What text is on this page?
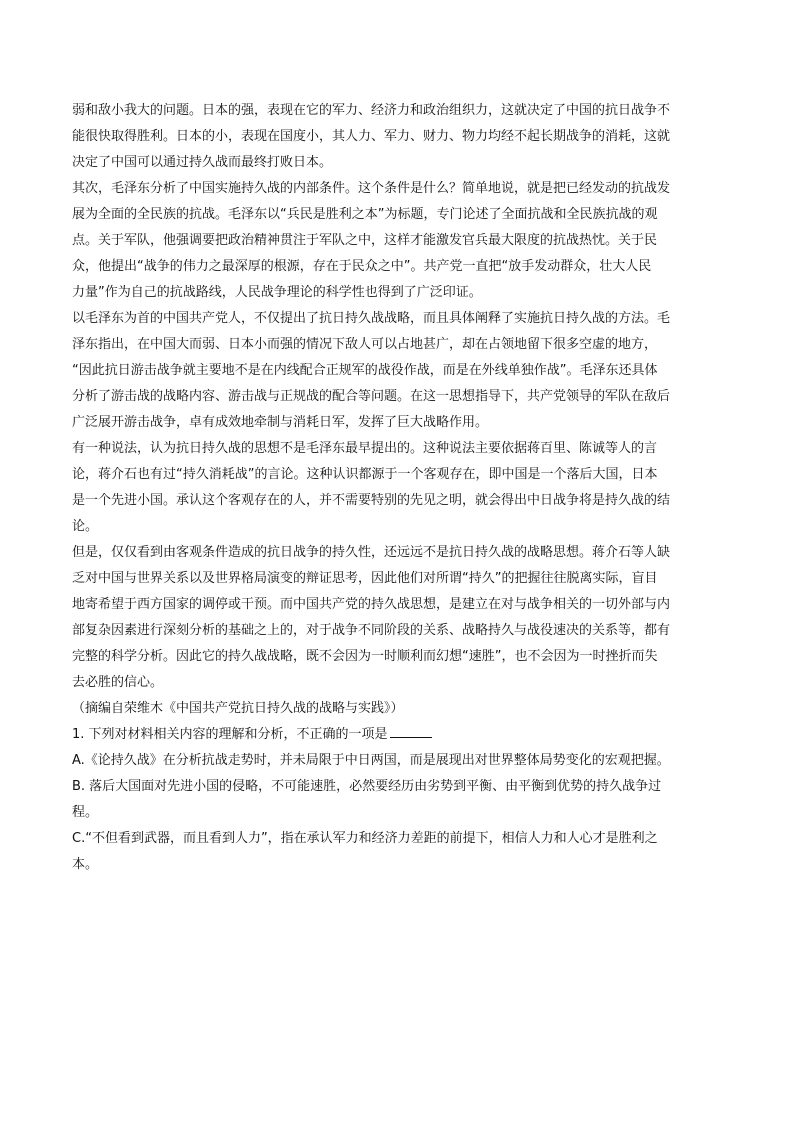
弱和敌小我大的问题。日本的强，表现在它的军力、经济力和政治组织力，这就决定了中国的抗日战争不
能很快取得胜利。日本的小，表现在国度小，其人力、军力、财力、物力均经不起长期战争的消耗，这就
决定了中国可以通过持久战而最终打败日本。
其次，毛泽东分析了中国实施持久战的内部条件。这个条件是什么？简单地说，就是把已经发动的抗战发
展为全面的全民族的抗战。毛泽东以“兵民是胜利之本”为标题，专门论述了全面抗战和全民族抗战的观
点。关于军队，他强调要把政治精神贯注于军队之中，这样才能激发官兵最大限度的抗战热忱。关于民
众，他提出“战争的伟力之最深厚的根源，存在于民众之中”。共产党一直把“放手发动群众，壮大人民
力量”作为自己的抗战路线，人民战争理论的科学性也得到了广泛印证。
以毛泽东为首的中国共产党人，不仅提出了抗日持久战战略，而且具体阐释了实施抗日持久战的方法。毛
泽东指出，在中国大而弱、日本小而强的情况下敌人可以占地甚广，却在占领地留下很多空虚的地方，
“因此抗日游击战争就主要地不是在内线配合正规军的战役作战，而是在外线单独作战”。毛泽东还具体
分析了游击战的战略内容、游击战与正规战的配合等问题。在这一思想指导下，共产党领导的军队在敌后
广泛展开游击战争，卓有成效地牵制与消耗日军，发挥了巨大战略作用。
有一种说法，认为抗日持久战的思想不是毛泽东最早提出的。这种说法主要依据蒋百里、陈诚等人的言
论，蒋介石也有过“持久消耗战”的言论。这种认识都源于一个客观存在，即中国是一个落后大国，日本
是一个先进小国。承认这个客观存在的人，并不需要特别的先见之明，就会得出中日战争将是持久战的结
论。
但是，仅仅看到由客观条件造成的抗日战争的持久性，还远远不是抗日持久战的战略思想。蒋介石等人缺
乏对中国与世界关系以及世界格局演变的辩证思考，因此他们对所谓“持久”的把握往往脱离实际，盲目
地寄希望于西方国家的调停或干预。而中国共产党的持久战思想，是建立在对与战争相关的一切外部与内
部复杂因素进行深刻分析的基础之上的，对于战争不同阶段的关系、战略持久与战役速决的关系等，都有
完整的科学分析。因此它的持久战战略，既不会因为一时顺利而幻想“速胜”，也不会因为一时挫折而失
去必胜的信心。
（摘编自荣维木《中国共产党抗日持久战的战略与实践》）
1. 下列对材料相关内容的理解和分析，不正确的一项是
A.《论持久战》在分析抗战走势时，并未局限于中日两国，而是展现出对世界整体局势变化的宏观把握。
B. 落后大国面对先进小国的侵略，不可能速胜，必然要经历由劣势到平衡、由平衡到优势的持久战争过
程。
C.“不但看到武器，而且看到人力”，指在承认军力和经济力差距的前提下，相信人力和人心才是胜利之
本。
